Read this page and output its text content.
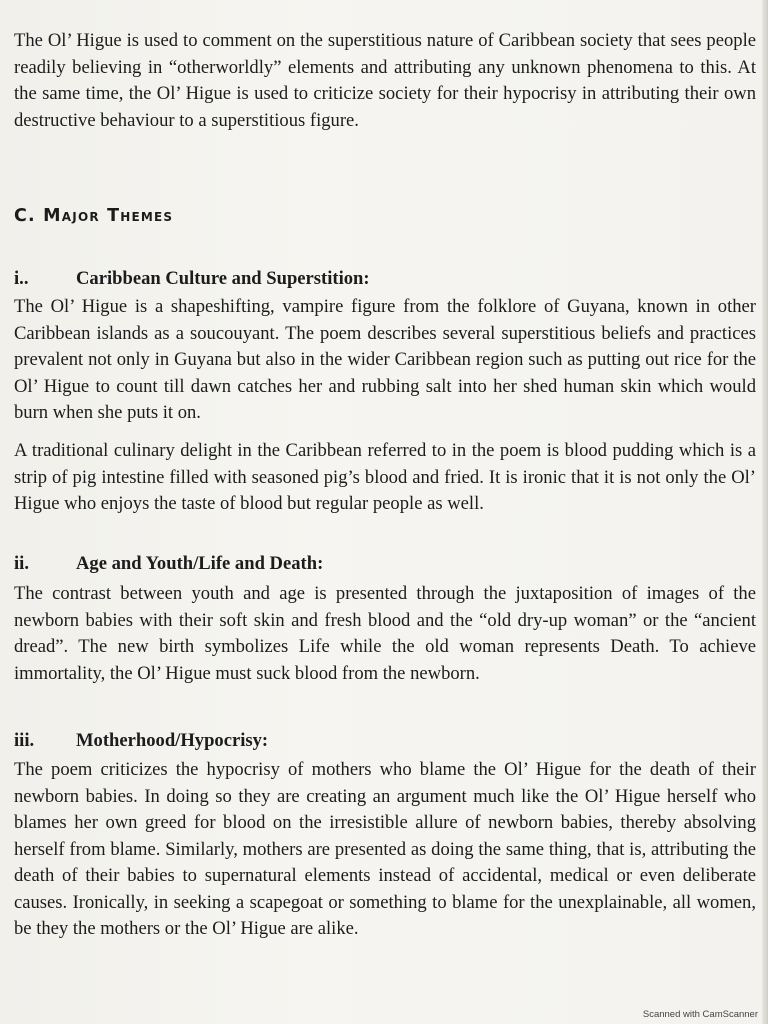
The Ol’ Higue is used to comment on the superstitious nature of Caribbean society that sees people readily believing in “otherworldly” elements and attributing any unknown phenomena to this. At the same time, the Ol’ Higue is used to criticize society for their hypocrisy in attributing their own destructive behaviour to a superstitious figure.

C. Major Themes
i..	Caribbean Culture and Superstition:

The Ol’ Higue is a shapeshifting, vampire figure from the folklore of Guyana, known in other Caribbean islands as a soucouyant. The poem describes several superstitious beliefs and practices prevalent not only in Guyana but also in the wider Caribbean region such as putting out rice for the Ol’ Higue to count till dawn catches her and rubbing salt into her shed human skin which would burn when she puts it on.

A traditional culinary delight in the Caribbean referred to in the poem is blood pudding which is a strip of pig intestine filled with seasoned pig’s blood and fried. It is ironic that it is not only the Ol’ Higue who enjoys the taste of blood but regular people as well.

ii.	Age and Youth/Life and Death:

The contrast between youth and age is presented through the juxtaposition of images of the newborn babies with their soft skin and fresh blood and the “old dry-up woman” or the “ancient dread”. The new birth symbolizes Life while the old woman represents Death. To achieve immortality, the Ol’ Higue must suck blood from the newborn.

iii. Motherhood/Hypocrisy:

The poem criticizes the hypocrisy of mothers who blame the Ol’ Higue for the death of their newborn babies. In doing so they are creating an argument much like the Ol’ Higue herself who blames her own greed for blood on the irresistible allure of newborn babies, thereby absolving herself from blame. Similarly, mothers are presented as doing the same thing, that is, attributing the death of their babies to supernatural elements instead of accidental, medical or even deliberate causes. Ironically, in seeking a scapegoat or something to blame for the unexplainable, all women, be they the mothers or the Ol’ Higue are alike.

Scanned with CamScanner
